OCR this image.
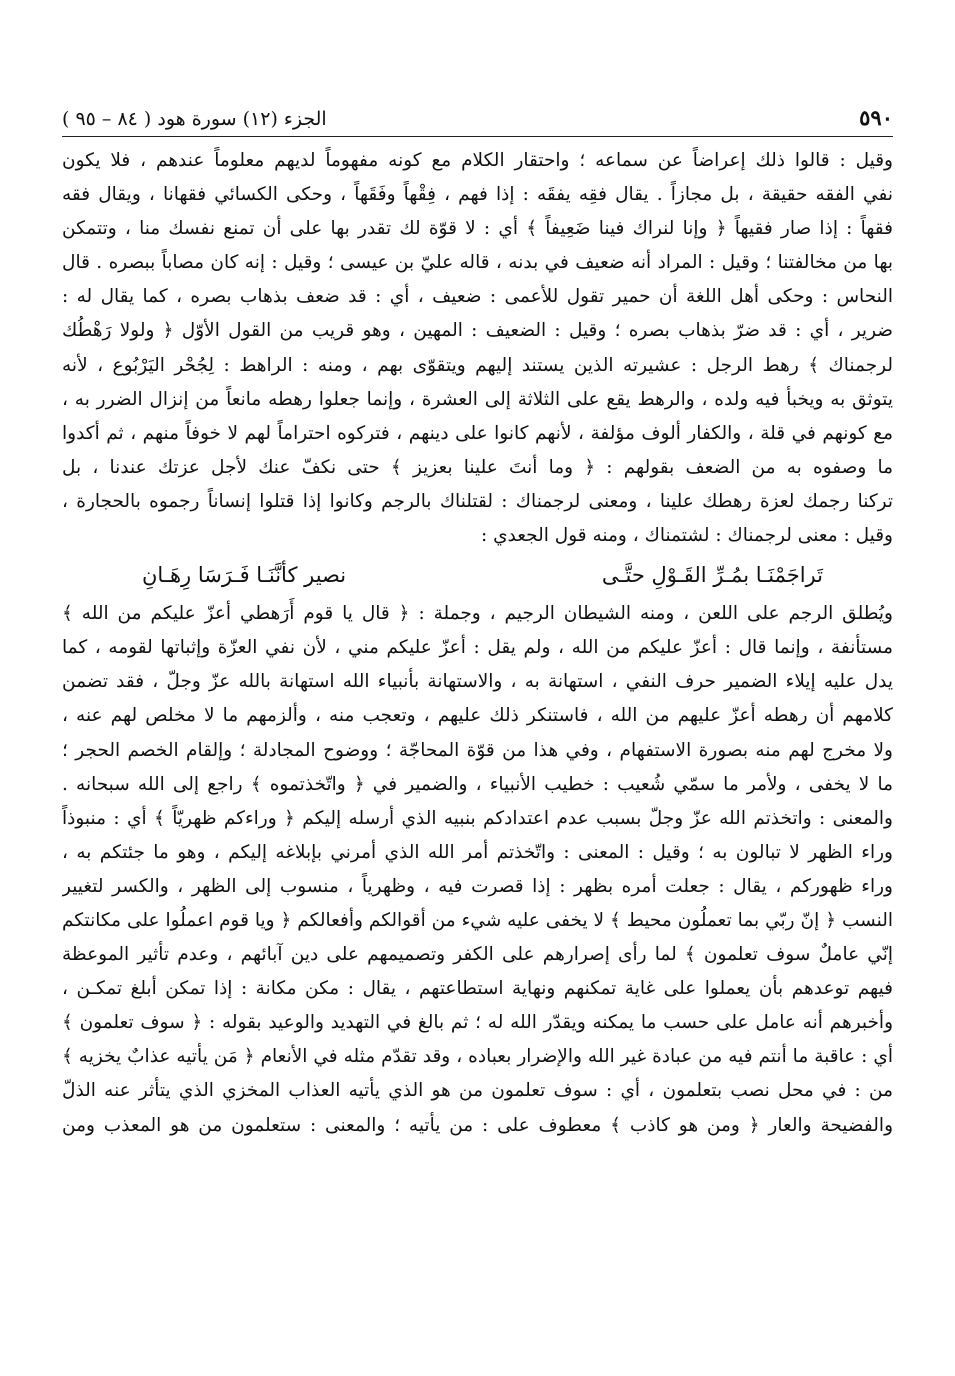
٥٩٠
الجزء (١٢) سورة هود ( ٨٤ – ٩٥ )
وقيل : قالوا ذلك إعراضاً عن سماعه ؛ واحتقار الكلام مع كونه مفهوماً لديهم معلوماً عندهم ، فلا يكون
نفي الفقه حقيقة ، بل مجازاً . يقال فقِه يفقَه : إذا فهم ، فِقْهاً وفَقَهاً ، وحكى الكسائي فقهانا ، ويقال فقه
فقهاً : إذا صار فقيهاً ﴿ وإنا لنراك فينا ضَعِيفاً ﴾ أي : لا قوّة لك تقدر بها على أن تمنع نفسك منا ، وتتمكن
بها من مخالفتنا ؛ وقيل : المراد أنه ضعيف في بدنه ، قاله عليّ بن عيسى ؛ وقيل : إنه كان مصاباً ببصره . قال
النحاس : وحكى أهل اللغة أن حمير تقول للأعمى : ضعيف ، أي : قد ضعف بذهاب بصره ، كما يقال له :
ضرير ، أي : قد ضرّ بذهاب بصره ؛ وقيل : الضعيف : المهين ، وهو قريب من القول الأوّل ﴿ ولولا رَهْطُك
لرجمناك ﴾ رهط الرجل : عشيرته الذين يستند إليهم ويتقوّى بهم ، ومنه : الراهط : لِجُحْر اليَرْبُوع ، لأنه
يتوثق به ويخبأ فيه ولده ، والرهط يقع على الثلاثة إلى العشرة ، وإنما جعلوا رهطه مانعاً من إنزال الضرر به ،
مع كونهم في قلة ، والكفار ألوف مؤلفة ، لأنهم كانوا على دينهم ، فتركوه احتراماً لهم لا خوفاً منهم ، ثم أكدوا
ما وصفوه به من الضعف بقولهم : ﴿ وما أنتَ علينا بعزيز ﴾ حتى نكفّ عنك لأجل عزتك عندنا ، بل
تركنا رجمك لعزة رهطك علينا ، ومعنى لرجمناك : لقتلناك بالرجم وكانوا إذا قتلوا إنساناً رجموه بالحجارة ،
وقيل : معنى لرجمناك : لشتمناك ، ومنه قول الجعدي :
تَراجَمْنَـا بمُـرِّ القَـوْلِ حتَّـى
نصير كأنَّنَـا فَـرَسَا رِهَـانِ
ويُطلق الرجم على اللعن ، ومنه الشيطان الرجيم ، وجملة : ﴿ قال يا قوم أَرَهطي أعزّ عليكم من الله ﴾
مستأنفة ، وإنما قال : أعزّ عليكم من الله ، ولم يقل : أعزّ عليكم مني ، لأن نفي العزّة وإثباتها لقومه ، كما
يدل عليه إيلاء الضمير حرف النفي ، استهانة به ، والاستهانة بأنبياء الله استهانة بالله عزّ وجلّ ، فقد تضمن
كلامهم أن رهطه أعزّ عليهم من الله ، فاستنكر ذلك عليهم ، وتعجب منه ، وألزمهم ما لا مخلص لهم عنه ،
ولا مخرج لهم منه بصورة الاستفهام ، وفي هذا من قوّة المحاجّة ؛ ووضوح المجادلة ؛ وإلقام الخصم الحجر ؛
ما لا يخفى ، ولأمر ما سمّي شُعيب : خطيب الأنبياء ، والضمير في ﴿ واتّخذتموه ﴾ راجع إلى الله سبحانه .
والمعنى : واتخذتم الله عزّ وجلّ بسبب عدم اعتدادكم بنبيه الذي أرسله إليكم ﴿ وراءكم ظهريّاً ﴾ أي : منبوذاً
وراء الظهر لا تبالون به ؛ وقيل : المعنى : واتّخذتم أمر الله الذي أمرني بإبلاغه إليكم ، وهو ما جئتكم به ،
وراء ظهوركم ، يقال : جعلت أمره بظهر : إذا قصرت فيه ، وظهرياً ، منسوب إلى الظهر ، والكسر لتغيير
النسب ﴿ إنّ ربّي بما تعملُون محيط ﴾ لا يخفى عليه شيء من أقوالكم وأفعالكم ﴿ ويا قوم اعملُوا على مكانتكم
إنّي عاملٌ سوف تعلمون ﴾ لما رأى إصرارهم على الكفر وتصميمهم على دين آبائهم ، وعدم تأثير الموعظة
فيهم توعدهم بأن يعملوا على غاية تمكنهم ونهاية استطاعتهم ، يقال : مكن مكانة : إذا تمكن أبلغ تمكـن ،
وأخبرهم أنه عامل على حسب ما يمكنه ويقدّر الله له ؛ ثم بالغ في التهديد والوعيد بقوله : ﴿ سوف تعلمون ﴾
أي : عاقبة ما أنتم فيه من عبادة غير الله والإضرار بعباده ، وقد تقدّم مثله في الأنعام ﴿ مَن يأتيه عذابٌ يخزيه ﴾
من : في محل نصب بتعلمون ، أي : سوف تعلمون من هو الذي يأتيه العذاب المخزي الذي يتأثر عنه الذلّ
والفضيحة والعار ﴿ ومن هو كاذب ﴾ معطوف على : من يأتيه ؛ والمعنى : ستعلمون من هو المعذب ومن
